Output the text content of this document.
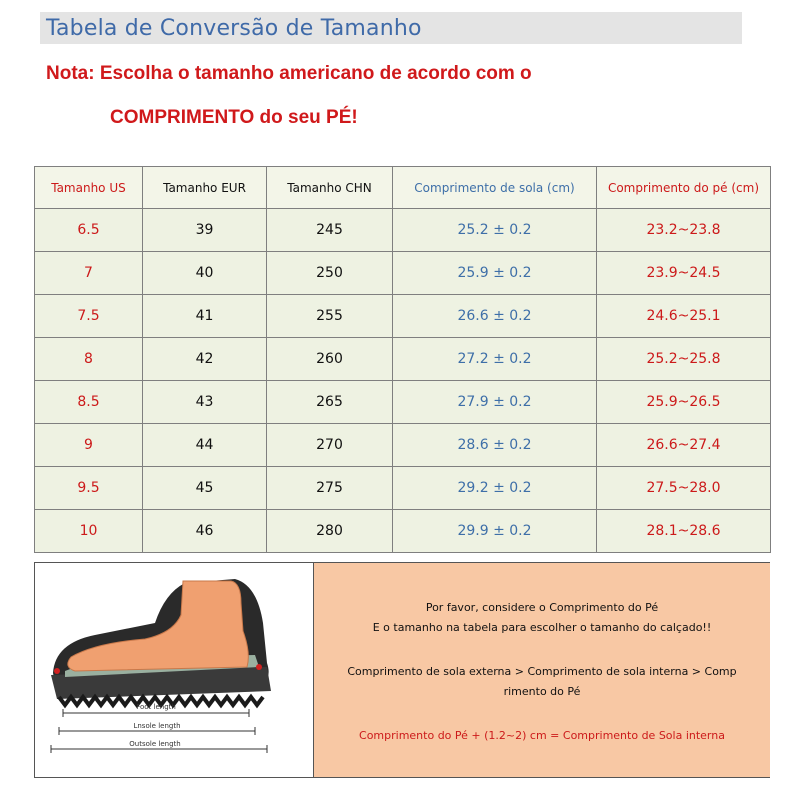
Tabela de Conversão de Tamanho
Nota: Escolha o tamanho americano de acordo com o
COMPRIMENTO do seu PÉ!
Tamanho US	Tamanho EUR	Tamanho CHN	Comprimento de sola (cm)	Comprimento do pé (cm)
6.5	39	245	25.2 ± 0.2	23.2~23.8
7	40	250	25.9 ± 0.2	23.9~24.5
7.5	41	255	26.6 ± 0.2	24.6~25.1
8	42	260	27.2 ± 0.2	25.2~25.8
8.5	43	265	27.9 ± 0.2	25.9~26.5
9	44	270	28.6 ± 0.2	26.6~27.4
9.5	45	275	29.2 ± 0.2	27.5~28.0
10	46	280	29.9 ± 0.2	28.1~28.6
Foot length
Lnsole length
Outsole length
Por favor, considere o Comprimento do Pé
E o tamanho na tabela para escolher o tamanho do calçado!!
Comprimento de sola externa > Comprimento de sola interna > Comp
rimento do Pé
Comprimento do Pé + (1.2~2) cm = Comprimento de Sola interna
